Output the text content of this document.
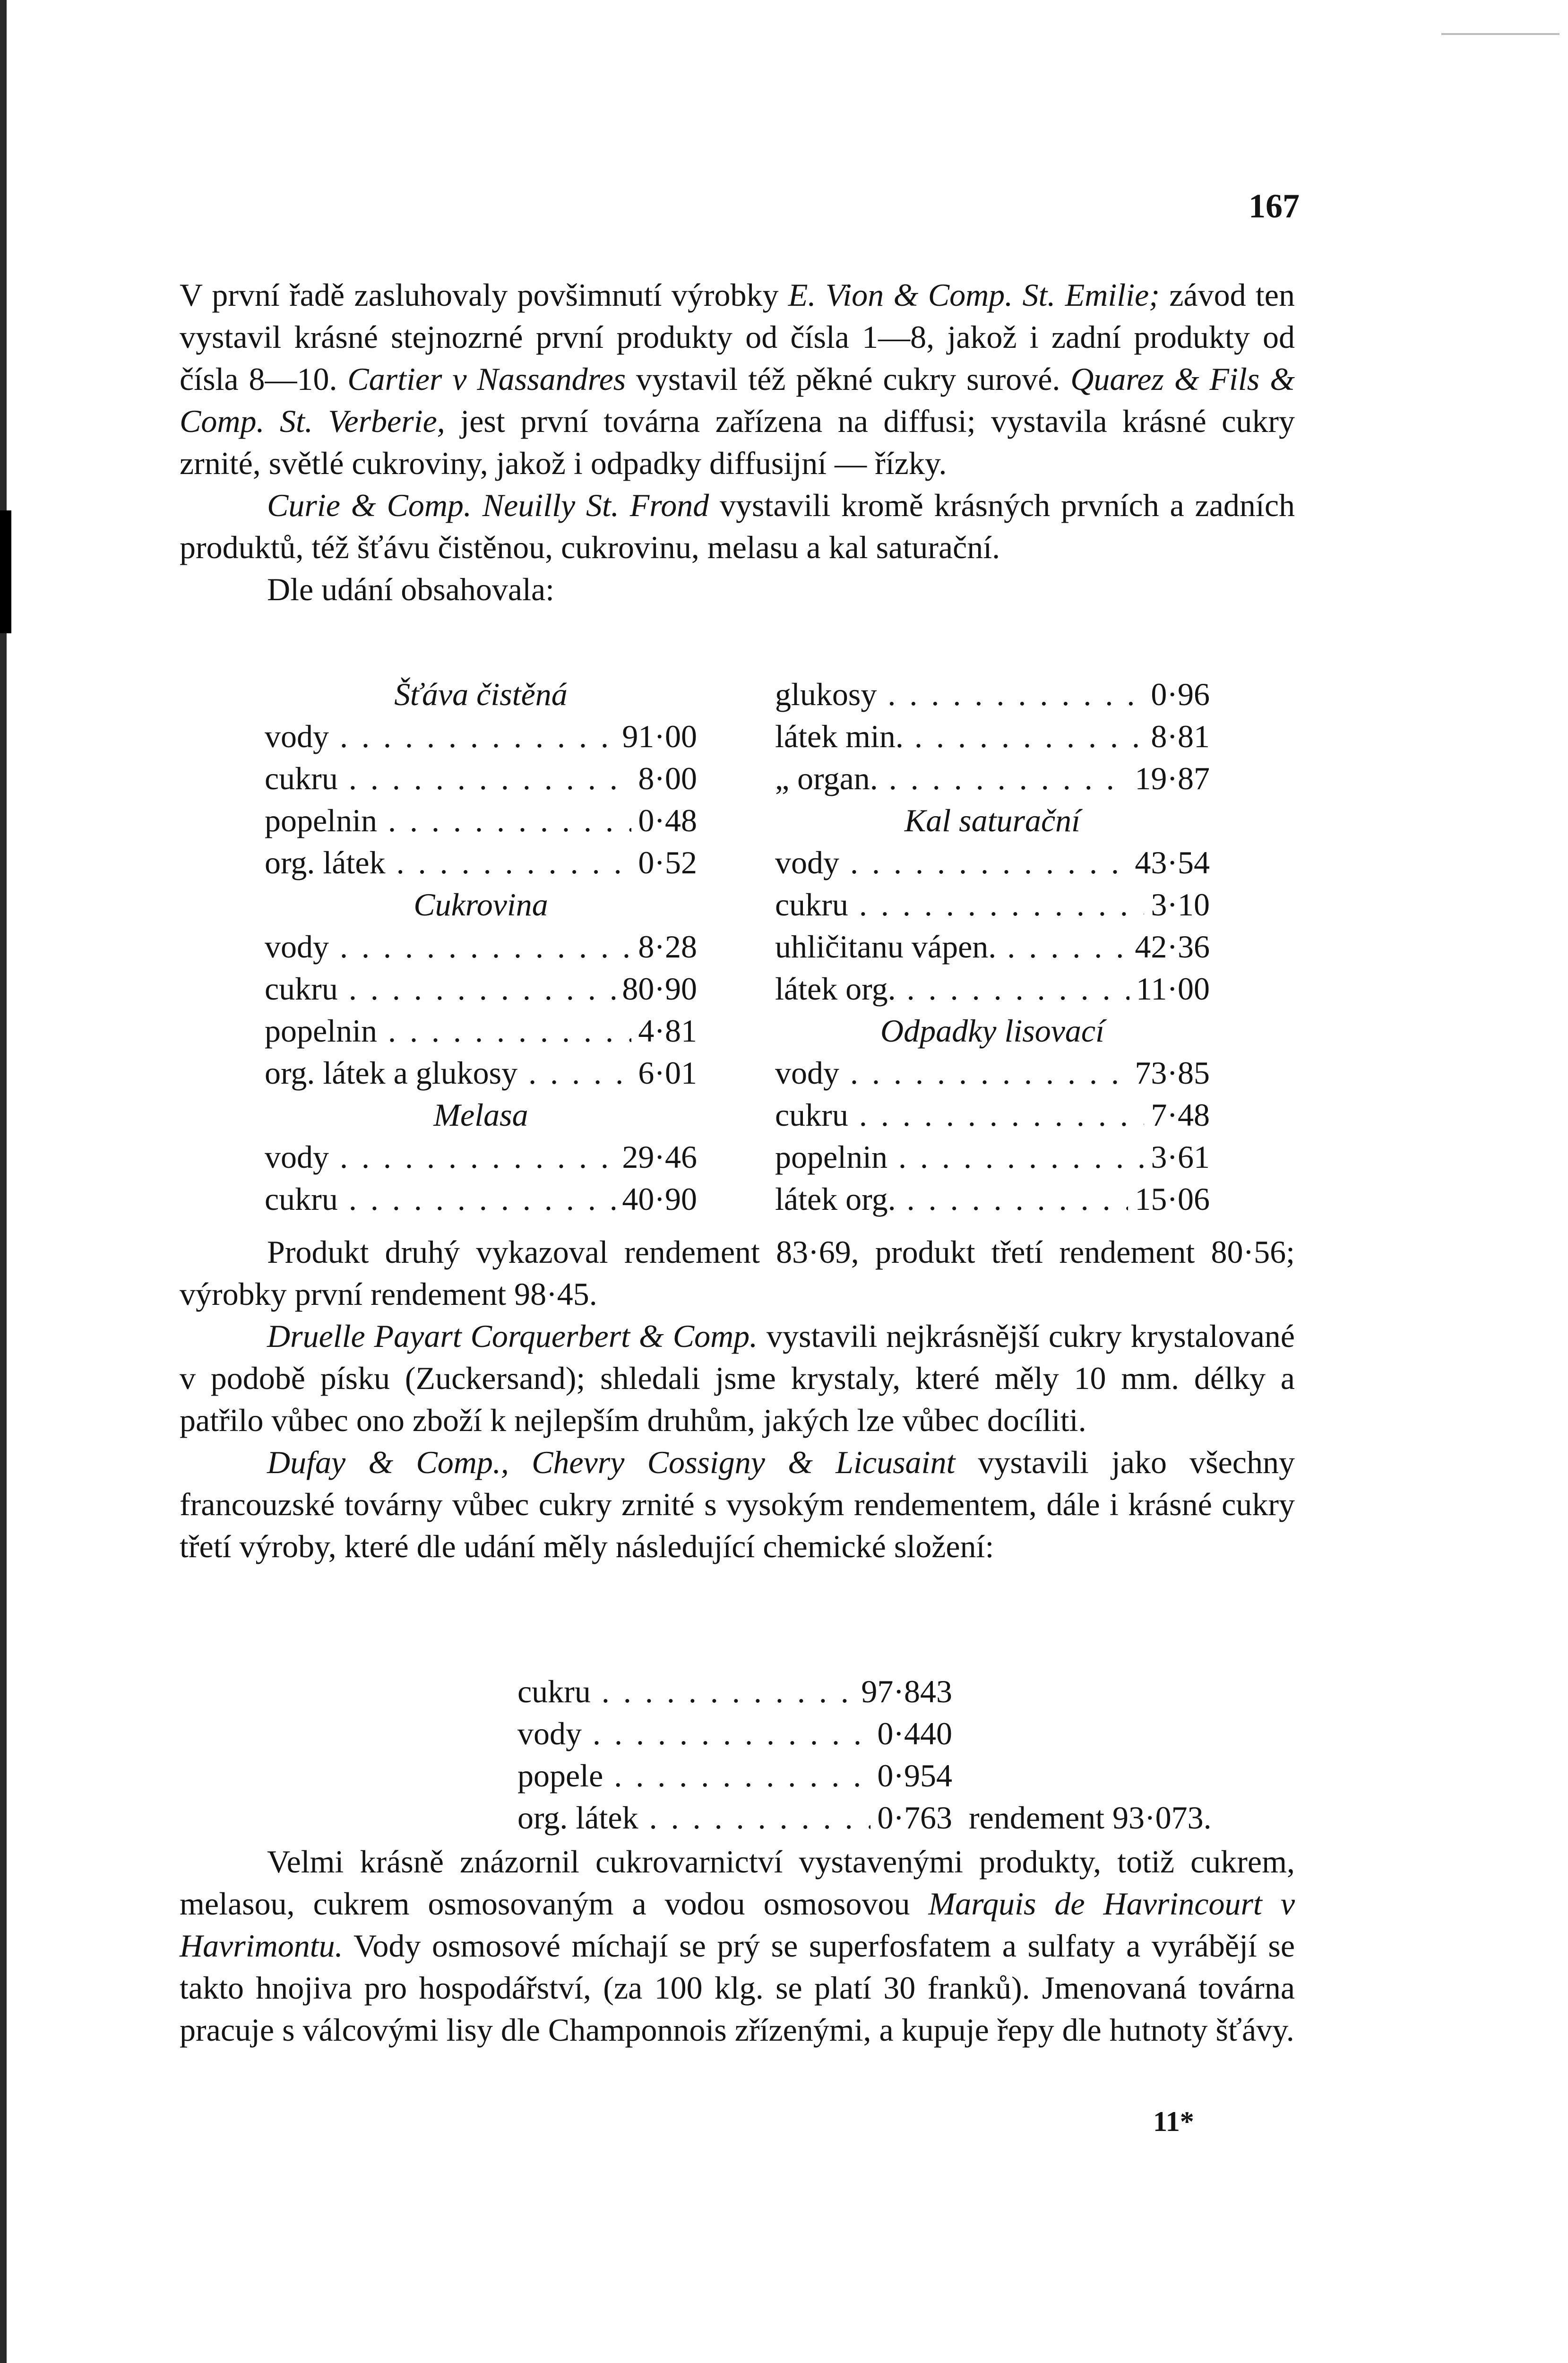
167

V první řadě zasluhovaly povšimnutí výrobky E. Vion & Comp. St. Emilie; závod ten vystavil krásné stejnozrné první produkty od čísla 1—8, jakož i zadní produkty od čísla 8—10. Cartier v Nassandres vystavil též pěkné cukry surové. Quarez & Fils & Comp. St. Verberie, jest první továrna zařízena na diffusi; vystavila krásné cukry zrnité, světlé cukroviny, jakož i odpadky diffusijní — řízky.

Curie & Comp. Neuilly St. Frond vystavili kromě krásných prvních a zadních produktů, též šťávu čistěnou, cukrovinu, melasu a kal saturační.

Dle udání obsahovala:

Šťáva čistěná
vody . . .	91·00
cukru . . .	8·00
popelnin . . .	0·48
org. látek . . .	0·52
Cukrovina
vody . . .	8·28
cukru . . .	80·90
popelnin . . .	4·81
org. látek a glukosy . . .	6·01
Melasa
vody . . .	29·46
cukru . . .	40·90
glukosy . . .	0·96
látek min. . . .	8·81
„ organ. . . .	19·87
Kal saturační
vody . . .	43·54
cukru . . .	3·10
uhličitanu vápen. . . .	42·36
látek org. . . .	11·00
Odpadky lisovací
vody . . .	73·85
cukru . . .	7·48
popelnin . . .	3·61
látek org. . . .	15·06

Produkt druhý vykazoval rendement 83·69, produkt třetí rendement 80·56; výrobky první rendement 98·45.

Druelle Payart Corquerbert & Comp. vystavili nejkrásnější cukry krystalované v podobě písku (Zuckersand); shledali jsme krystaly, které měly 10 mm. délky a patřilo vůbec ono zboží k nejlepším druhům, jakých lze vůbec docíliti.

Dufay & Comp., Chevry Cossigny & Licusaint vystavili jako všechny francouzské továrny vůbec cukry zrnité s vysokým rendementem, dále i krásné cukry třetí výroby, které dle udání měly následující chemické složení:

cukru . . .	97·843
vody . . .	0·440
popele . . .	0·954
org. látek . . .	0·763 rendement 93·073.

Velmi krásně znázornil cukrovarnictví vystavenými produkty, totiž cukrem, melasou, cukrem osmosovaným a vodou osmosovou Marquis de Havrincourt v Havrimontu. Vody osmosové míchají se prý se superfosfatem a sulfaty a vyrábějí se takto hnojiva pro hospodářství, (za 100 klg. se platí 30 franků). Jmenovaná továrna pracuje s válcovými lisy dle Champonnois zřízenými, a kupuje řepy dle hutnoty šťávy.

11*
